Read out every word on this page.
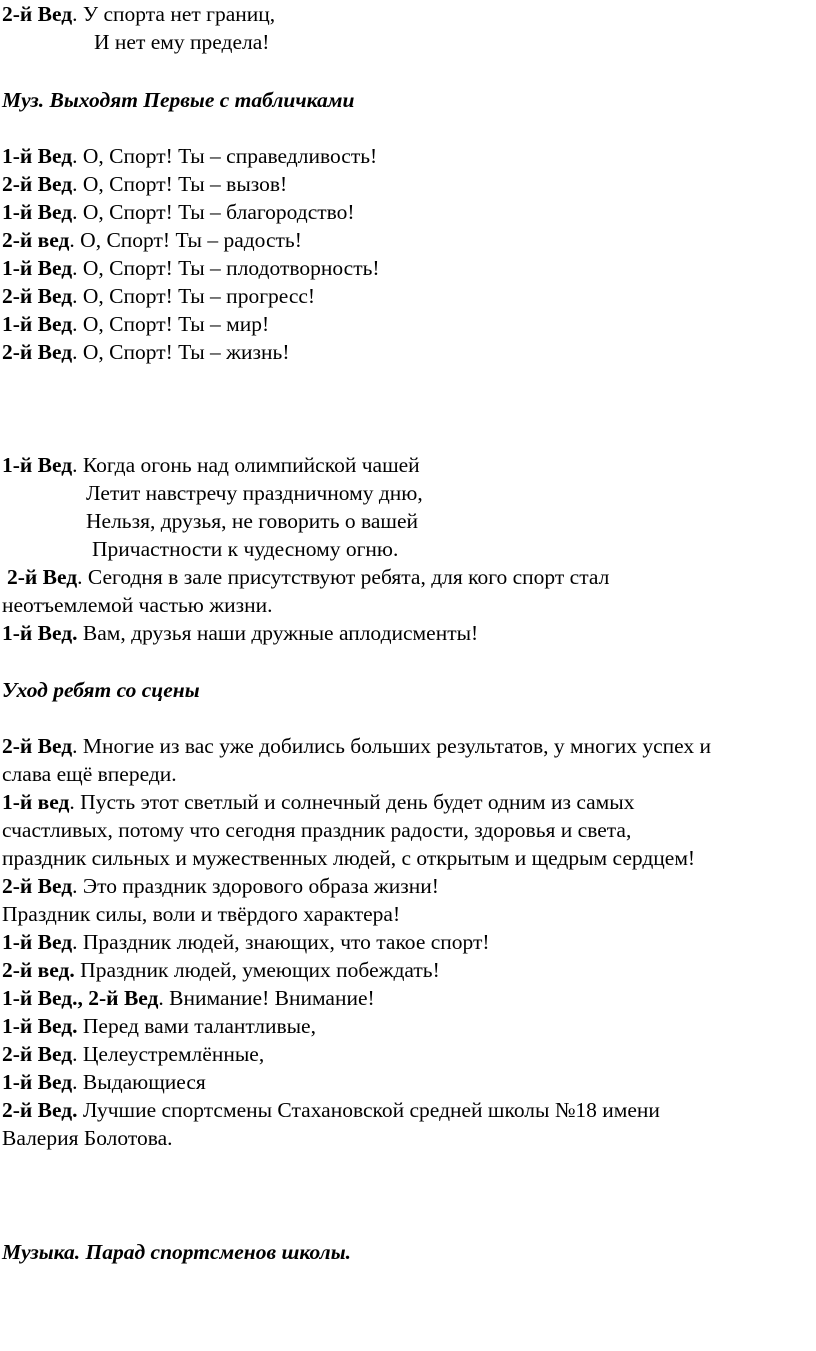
2-й Вед. У спорта нет границ,
И нет ему предела!
Муз. Выходят Первые с табличками
1-й Вед. О, Спорт! Ты – справедливость!
2-й Вед. О, Спорт! Ты – вызов!
1-й Вед. О, Спорт! Ты – благородство!
2-й вед. О, Спорт! Ты – радость!
1-й Вед. О, Спорт! Ты – плодотворность!
2-й Вед. О, Спорт! Ты – прогресс!
1-й Вед. О, Спорт! Ты – мир!
2-й Вед. О, Спорт! Ты – жизнь!
1-й Вед. Когда огонь над олимпийской чашей
Летит навстречу праздничному дню,
Нельзя, друзья, не говорить о вашей
Причастности к чудесному огню.
2-й Вед. Сегодня в зале присутствуют ребята, для кого спорт стал
неотъемлемой частью жизни.
1-й Вед. Вам, друзья наши дружные аплодисменты!
Уход ребят со сцены
2-й Вед. Многие из вас уже добились больших результатов, у многих успех и
слава ещё впереди.
1-й вед. Пусть этот светлый и солнечный день будет одним из самых
счастливых, потому что сегодня праздник радости, здоровья и света,
праздник сильных и мужественных людей, с открытым и щедрым сердцем!
2-й Вед. Это праздник здорового образа жизни!
Праздник силы, воли и твёрдого характера!
1-й Вед. Праздник людей, знающих, что такое спорт!
2-й вед. Праздник людей, умеющих побеждать!
1-й Вед., 2-й Вед. Внимание! Внимание!
1-й Вед. Перед вами талантливые,
2-й Вед. Целеустремлённые,
1-й Вед. Выдающиеся
2-й Вед. Лучшие спортсмены Стахановской средней школы №18 имени
Валерия Болотова.
Музыка. Парад спортсменов школы.
